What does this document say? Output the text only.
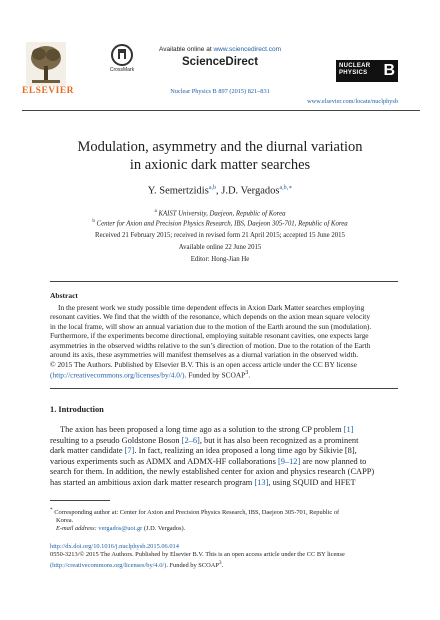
ELSEVIER
CrossMark
Available online at www.sciencedirect.com
ScienceDirect
Nuclear Physics B 897 (2015) 821–831
NUCLEAR PHYSICS B
www.elsevier.com/locate/nuclphysb
Modulation, asymmetry and the diurnal variation
in axionic dark matter searches
Y. Semertzidis$^{a,b}$, J.D. Vergados$^{a,b,∗}$
$^a$ KAIST University, Daejeon, Republic of Korea
$^b$ Center for Axion and Precision Physics Research, IBS, Daejeon 305-701, Republic of Korea
Received 21 February 2015; received in revised form 21 April 2015; accepted 15 June 2015
Available online 22 June 2015
Editor: Hong-Jian He
Abstract
In the present work we study possible time dependent effects in Axion Dark Matter searches employing
resonant cavities. We find that the width of the resonance, which depends on the axion mean square velocity
in the local frame, will show an annual variation due to the motion of the Earth around the sun (modulation).
Furthermore, if the experiments become directional, employing suitable resonant cavities, one expects large
asymmetries in the observed widths relative to the sun’s direction of motion. Due to the rotation of the Earth
around its axis, these asymmetries will manifest themselves as a diurnal variation in the observed width.
© 2015 The Authors. Published by Elsevier B.V. This is an open access article under the CC BY license
(http://creativecommons.org/licenses/by/4.0/). Funded by SCOAP$^3$.
1. Introduction
The axion has been proposed a long time ago as a solution to the strong CP problem [1]
resulting to a pseudo Goldstone Boson [2–6], but it has also been recognized as a prominent
dark matter candidate [7]. In fact, realizing an idea proposed a long time ago by Sikivie [8],
various experiments such as ADMX and ADMX-HF collaborations [9–12] are now planned to
search for them. In addition, the newly established center for axion and physics research (CAPP)
has started an ambitious axion dark matter research program [13], using SQUID and HFET
* Corresponding author at: Center for Axion and Precision Physics Research, IBS, Daejeon 305-701, Republic of
Korea.
E-mail address: vergados@uoi.gr (J.D. Vergados).
http://dx.doi.org/10.1016/j.nuclphysb.2015.06.014
0550-3213/© 2015 The Authors. Published by Elsevier B.V. This is an open access article under the CC BY license
(http://creativecommons.org/licenses/by/4.0/). Funded by SCOAP$^3$.
